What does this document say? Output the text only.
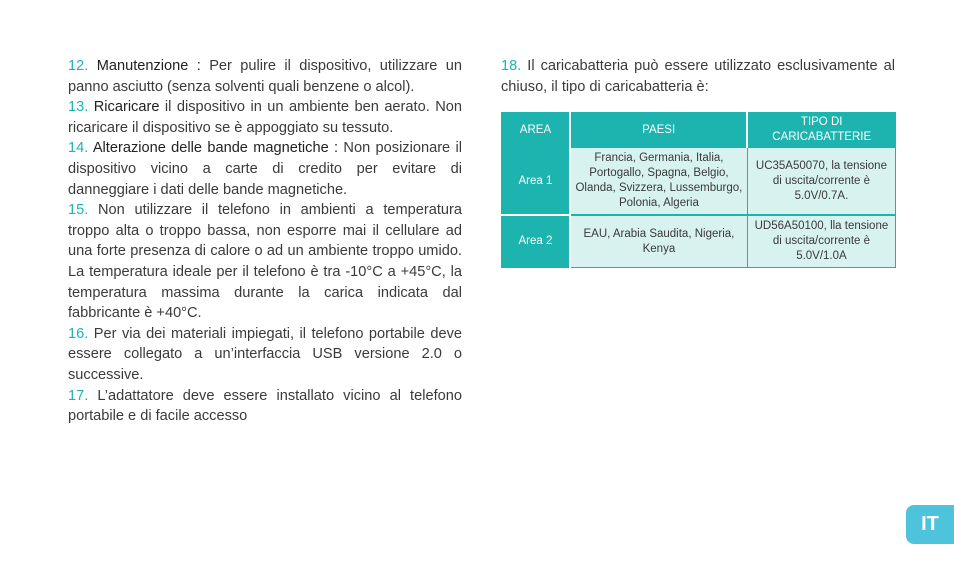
12. Manutenzione : Per pulire il dispositivo, utilizzare un panno asciutto (senza solventi quali benzene o alcol).

13. Ricaricare il dispositivo in un ambiente ben aerato. Non ricaricare il dispositivo se è appoggiato su tessuto.

14. Alterazione delle bande magnetiche : Non posizionare il dispositivo vicino a carte di credito per evitare di danneggiare i dati delle bande magnetiche.

15. Non utilizzare il telefono in ambienti a temperatura troppo alta o troppo bassa, non esporre mai il cellulare ad una forte presenza di calore o ad un ambiente troppo umido. La temperatura ideale per il telefono è tra -10°C a +45°C, la temperatura massima durante la carica indicata dal fabbricante è +40°C.

16. Per via dei materiali impiegati, il telefono portabile deve essere collegato a un’interfaccia USB versione 2.0 o successive.

17. L’adattatore deve essere installato vicino al telefono portabile e di facile accesso

18. Il caricabatteria può essere utilizzato esclusivamente al chiuso, il tipo di caricabatteria è:

AREA	PAESI	TIPO DI CARICABATTERIE
Area 1	Francia, Germania, Italia, Portogallo, Spagna, Belgio, Olanda, Svizzera, Lussemburgo, Polonia, Algeria	UC35A50070, la tensione di uscita/corrente è 5.0V/0.7A.
Area 2	EAU, Arabia Saudita, Nigeria, Kenya	UD56A50100, lla tensione di uscita/corrente è 5.0V/1.0A
IT
